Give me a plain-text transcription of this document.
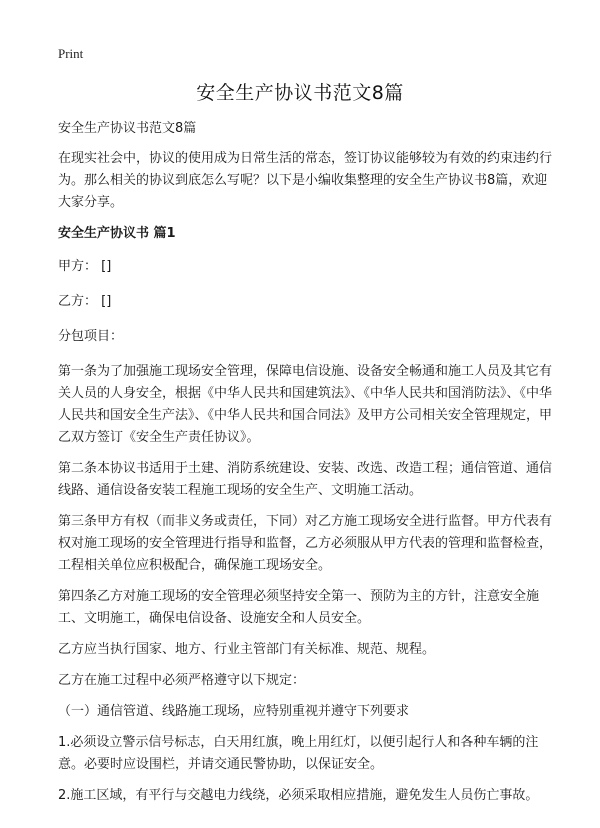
Print
安全生产协议书范文8篇
安全生产协议书范文8篇
在现实社会中，协议的使用成为日常生活的常态，签订协议能够较为有效的约束违约行为。那么相关的协议到底怎么写呢？以下是小编收集整理的安全生产协议书8篇，欢迎大家分享。
安全生产协议书 篇1
甲方： []
乙方： []
分包项目：
第一条为了加强施工现场安全管理，保障电信设施、设备安全畅通和施工人员及其它有关人员的人身安全，根据《中华人民共和国建筑法》、《中华人民共和国消防法》、《中华人民共和国安全生产法》、《中华人民共和国合同法》及甲方公司相关安全管理规定，甲乙双方签订《安全生产责任协议》。
第二条本协议书适用于土建、消防系统建设、安装、改选、改造工程；通信管道、通信线路、通信设备安装工程施工现场的安全生产、文明施工活动。
第三条甲方有权（而非义务或责任，下同）对乙方施工现场安全进行监督。甲方代表有权对施工现场的安全管理进行指导和监督，乙方必须服从甲方代表的管理和监督检查，工程相关单位应积极配合，确保施工现场安全。
第四条乙方对施工现场的安全管理必须坚持安全第一、预防为主的方针，注意安全施工、文明施工，确保电信设备、设施安全和人员安全。
乙方应当执行国家、地方、行业主管部门有关标准、规范、规程。
乙方在施工过程中必须严格遵守以下规定：
（一）通信管道、线路施工现场，应特别重视并遵守下列要求
1.必须设立警示信号标志，白天用红旗，晚上用红灯，以便引起行人和各种车辆的注意。必要时应设围栏，并请交通民警协助，以保证安全。
2.施工区域，有平行与交越电力线绕，必须采取相应措施，避免发生人员伤亡事故。
